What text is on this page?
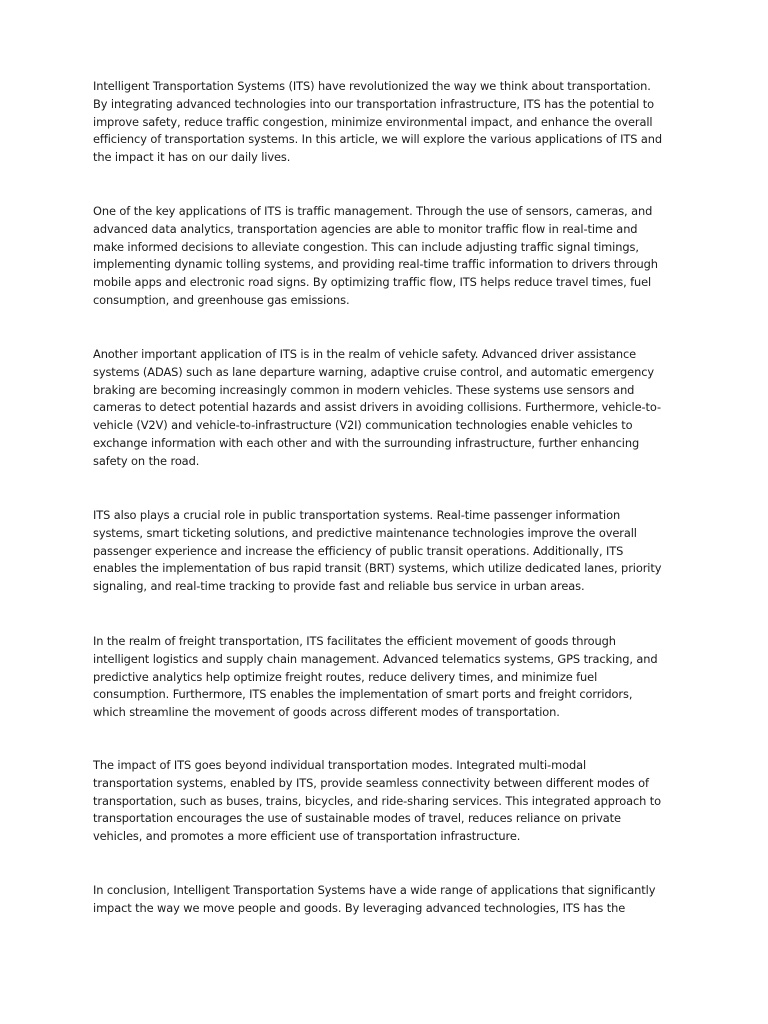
Intelligent Transportation Systems (ITS) have revolutionized the way we think about transportation.
By integrating advanced technologies into our transportation infrastructure, ITS has the potential to
improve safety, reduce traffic congestion, minimize environmental impact, and enhance the overall
efficiency of transportation systems. In this article, we will explore the various applications of ITS and
the impact it has on our daily lives.
One of the key applications of ITS is traffic management. Through the use of sensors, cameras, and
advanced data analytics, transportation agencies are able to monitor traffic flow in real-time and
make informed decisions to alleviate congestion. This can include adjusting traffic signal timings,
implementing dynamic tolling systems, and providing real-time traffic information to drivers through
mobile apps and electronic road signs. By optimizing traffic flow, ITS helps reduce travel times, fuel
consumption, and greenhouse gas emissions.
Another important application of ITS is in the realm of vehicle safety. Advanced driver assistance
systems (ADAS) such as lane departure warning, adaptive cruise control, and automatic emergency
braking are becoming increasingly common in modern vehicles. These systems use sensors and
cameras to detect potential hazards and assist drivers in avoiding collisions. Furthermore, vehicle-to-
vehicle (V2V) and vehicle-to-infrastructure (V2I) communication technologies enable vehicles to
exchange information with each other and with the surrounding infrastructure, further enhancing
safety on the road.
ITS also plays a crucial role in public transportation systems. Real-time passenger information
systems, smart ticketing solutions, and predictive maintenance technologies improve the overall
passenger experience and increase the efficiency of public transit operations. Additionally, ITS
enables the implementation of bus rapid transit (BRT) systems, which utilize dedicated lanes, priority
signaling, and real-time tracking to provide fast and reliable bus service in urban areas.
In the realm of freight transportation, ITS facilitates the efficient movement of goods through
intelligent logistics and supply chain management. Advanced telematics systems, GPS tracking, and
predictive analytics help optimize freight routes, reduce delivery times, and minimize fuel
consumption. Furthermore, ITS enables the implementation of smart ports and freight corridors,
which streamline the movement of goods across different modes of transportation.
The impact of ITS goes beyond individual transportation modes. Integrated multi-modal
transportation systems, enabled by ITS, provide seamless connectivity between different modes of
transportation, such as buses, trains, bicycles, and ride-sharing services. This integrated approach to
transportation encourages the use of sustainable modes of travel, reduces reliance on private
vehicles, and promotes a more efficient use of transportation infrastructure.
In conclusion, Intelligent Transportation Systems have a wide range of applications that significantly
impact the way we move people and goods. By leveraging advanced technologies, ITS has the
